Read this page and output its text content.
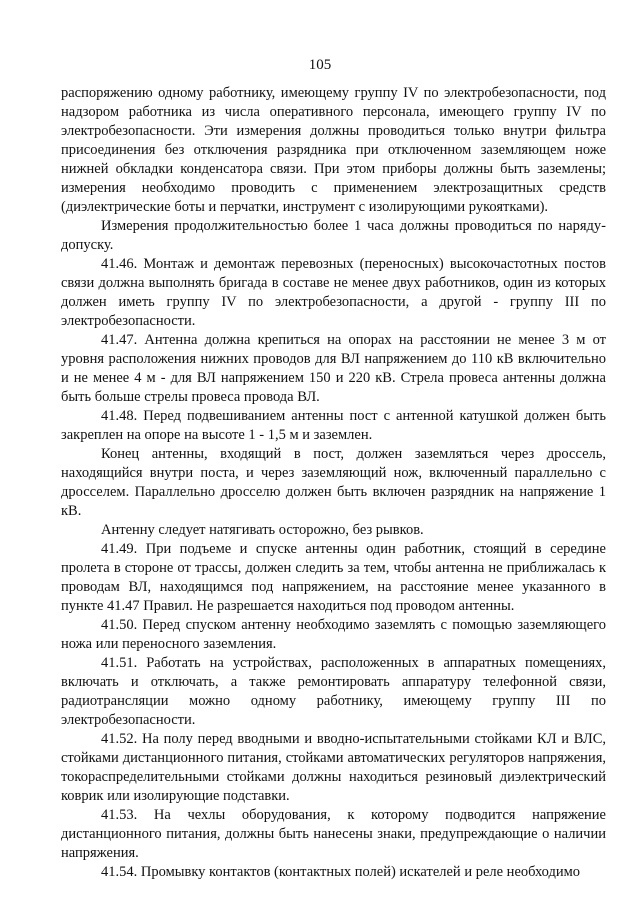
105

распоряжению одному работнику, имеющему группу IV по электробезопасности, под надзором работника из числа оперативного персонала, имеющего группу IV по электробезопасности. Эти измерения должны проводиться только внутри фильтра присоединения без отключения разрядника при отключенном заземляющем ноже нижней обкладки конденсатора связи. При этом приборы должны быть заземлены; измерения необходимо проводить с применением электрозащитных средств (диэлектрические боты и перчатки, инструмент с изолирующими рукоятками).

Измерения продолжительностью более 1 часа должны проводиться по наряду-допуску.

41.46. Монтаж и демонтаж перевозных (переносных) высокочастотных постов связи должна выполнять бригада в составе не менее двух работников, один из которых должен иметь группу IV по электробезопасности, а другой - группу III по электробезопасности.

41.47. Антенна должна крепиться на опорах на расстоянии не менее 3 м от уровня расположения нижних проводов для ВЛ напряжением до 110 кВ включительно и не менее 4 м - для ВЛ напряжением 150 и 220 кВ. Стрела провеса антенны должна быть больше стрелы провеса провода ВЛ.

41.48. Перед подвешиванием антенны пост с антенной катушкой должен быть закреплен на опоре на высоте 1 - 1,5 м и заземлен.

Конец антенны, входящий в пост, должен заземляться через дроссель, находящийся внутри поста, и через заземляющий нож, включенный параллельно с дросселем. Параллельно дросселю должен быть включен разрядник на напряжение 1 кВ.

Антенну следует натягивать осторожно, без рывков.

41.49. При подъеме и спуске антенны один работник, стоящий в середине пролета в стороне от трассы, должен следить за тем, чтобы антенна не приближалась к проводам ВЛ, находящимся под напряжением, на расстояние менее указанного в пункте 41.47 Правил. Не разрешается находиться под проводом антенны.

41.50. Перед спуском антенну необходимо заземлять с помощью заземляющего ножа или переносного заземления.

41.51. Работать на устройствах, расположенных в аппаратных помещениях, включать и отключать, а также ремонтировать аппаратуру телефонной связи, радиотрансляции можно одному работнику, имеющему группу III по электробезопасности.

41.52. На полу перед вводными и вводно-испытательными стойками КЛ и ВЛС, стойками дистанционного питания, стойками автоматических регуляторов напряжения, токораспределительными стойками должны находиться резиновый диэлектрический коврик или изолирующие подставки.

41.53. На чехлы оборудования, к которому подводится напряжение дистанционного питания, должны быть нанесены знаки, предупреждающие о наличии напряжения.

41.54. Промывку контактов (контактных полей) искателей и реле необходимо
